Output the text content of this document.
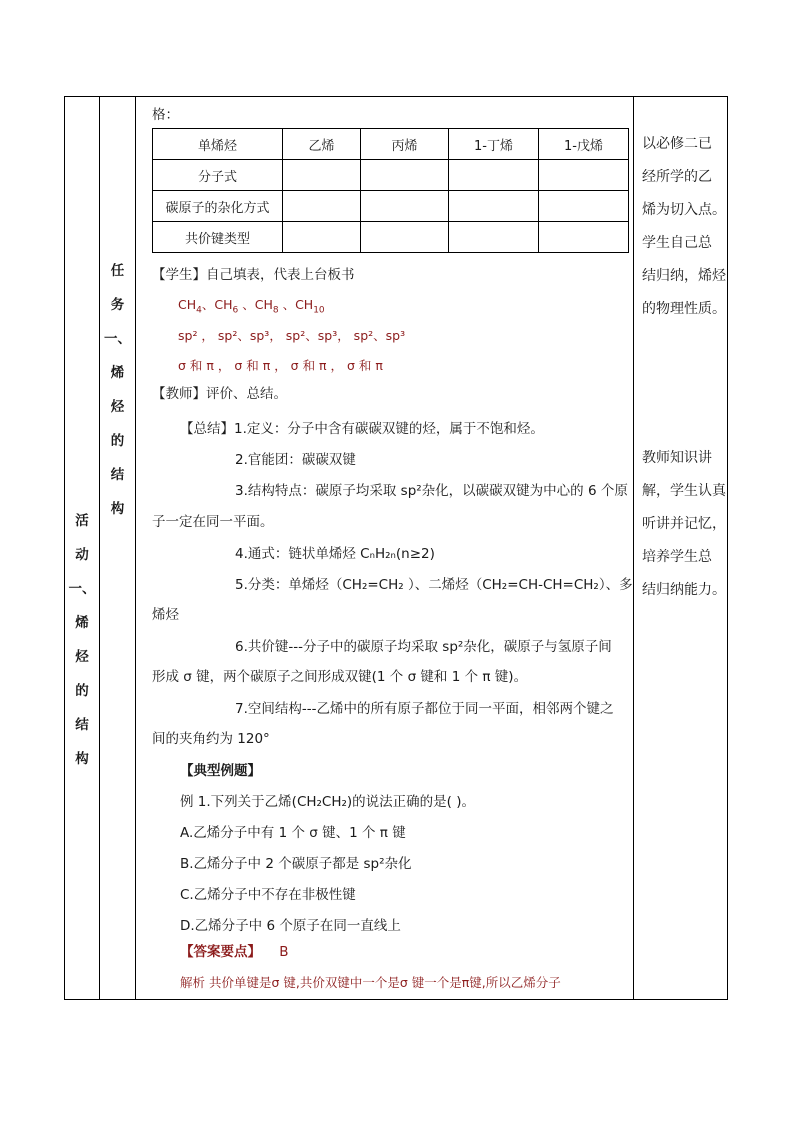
活
动
一、
烯
烃
的
结
构
任
务
一、
烯
烃
的
结
构
格：
单烯烃	乙烯	丙烯	1-丁烯	1-戊烯
分子式				
碳原子的杂化方式				
共价键类型				
【学生】自己填表，代表上台板书
$CH_4$、$CH_6$ 、$CH_8$ 、$CH_{10}$
sp² ， sp²、sp³， sp²、sp³， sp²、sp³
σ 和 π ， σ 和 π ， σ 和 π ， σ 和 π
【教师】评价、总结。
【总结】1.定义：分子中含有碳碳双键的烃，属于不饱和烃。
2.官能团：碳碳双键
3.结构特点：碳原子均采取 sp²杂化，以碳碳双键为中心的 6 个原
子一定在同一平面。
4.通式：链状单烯烃 CₙH₂ₙ(n≥2)
5.分类：单烯烃（CH₂=CH₂ ）、二烯烃（CH₂=CH-CH=CH₂）、多
烯烃
6.共价键---分子中的碳原子均采取 sp²杂化，碳原子与氢原子间
形成 σ 键，两个碳原子之间形成双键(1 个 σ 键和 1 个 π 键)。
7.空间结构---乙烯中的所有原子都位于同一平面，相邻两个键之
间的夹角约为 120°
【典型例题】
例 1.下列关于乙烯(CH₂CH₂)的说法正确的是( )。
A.乙烯分子中有 1 个 σ 键、1 个 π 键
B.乙烯分子中 2 个碳原子都是 sp²杂化
C.乙烯分子中不存在非极性键
D.乙烯分子中 6 个原子在同一直线上
【答案要点】 B
解析 共价单键是σ 键,共价双键中一个是σ 键一个是π键,所以乙烯分子

以必修二已

经所学的乙

烯为切入点。

学生自己总

结归纳，烯烃

的物理性质。

教师知识讲

解，学生认真

听讲并记忆，

培养学生总

结归纳能力。
